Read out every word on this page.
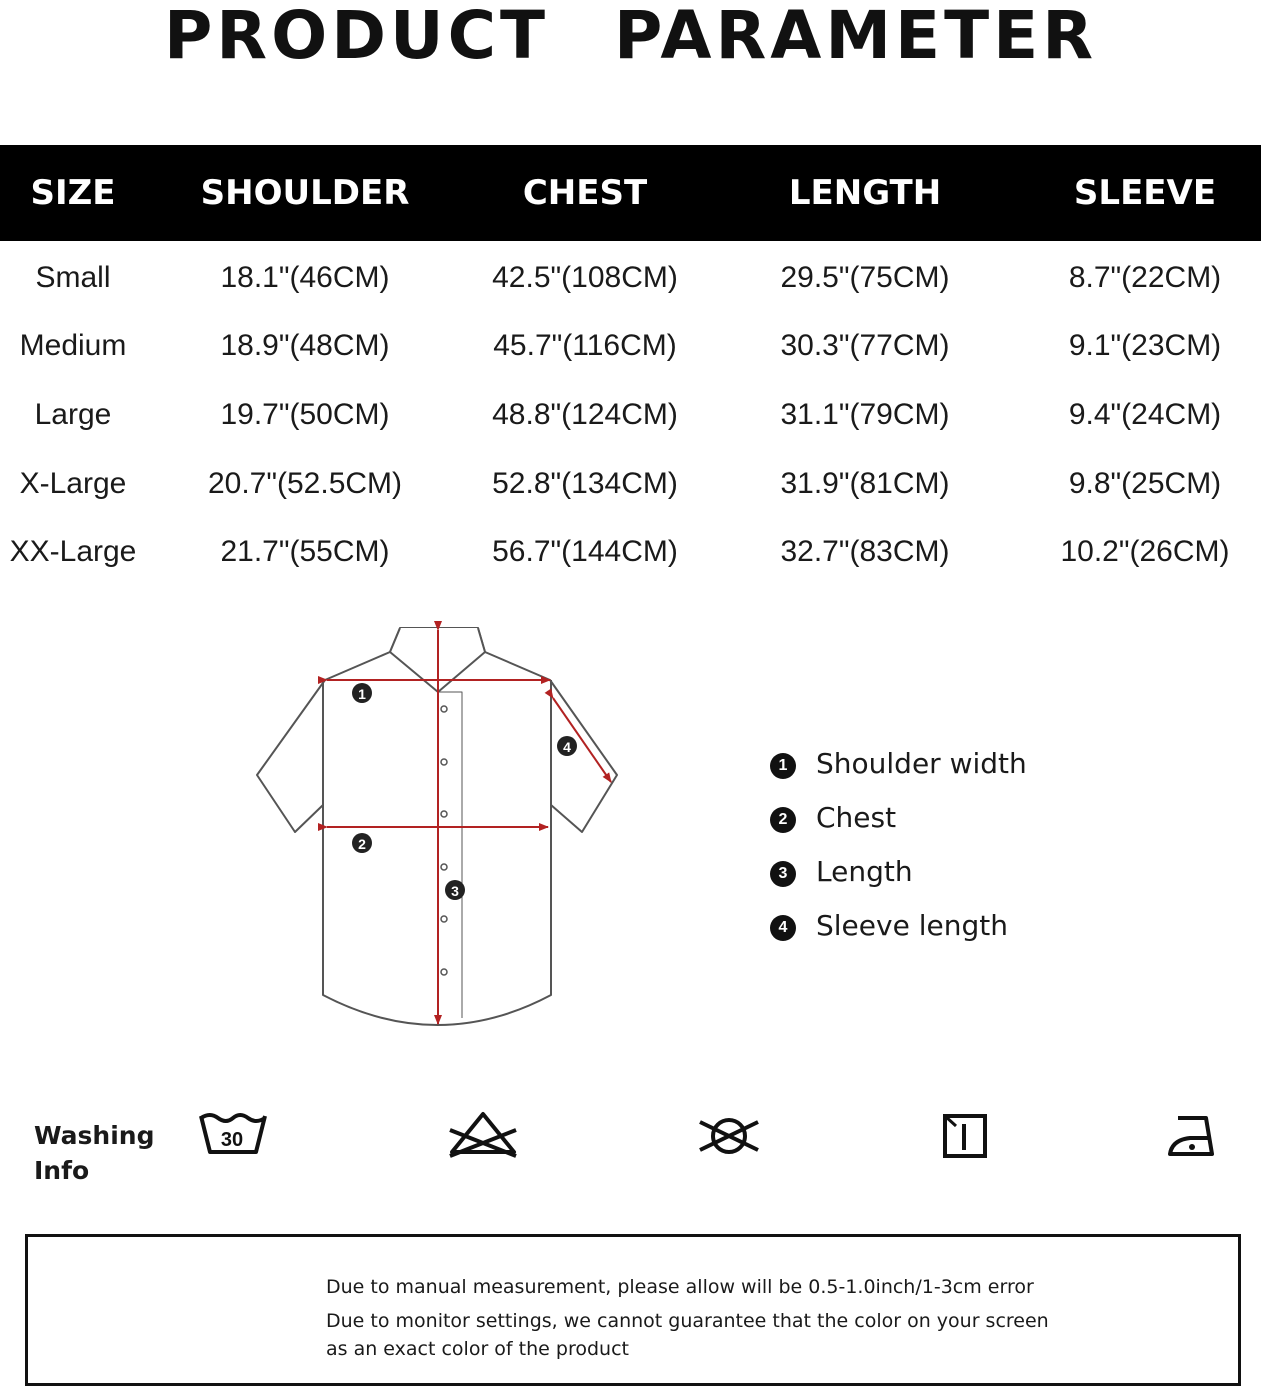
PRODUCT PARAMETER
SIZE	SHOULDER	CHEST	LENGTH	SLEEVE
Small	18.1"(46CM)	42.5"(108CM)	29.5"(75CM)	8.7"(22CM)
Medium	18.9"(48CM)	45.7"(116CM)	30.3"(77CM)	9.1"(23CM)
Large	19.7"(50CM)	48.8"(124CM)	31.1"(79CM)	9.4"(24CM)
X-Large	20.7"(52.5CM)	52.8"(134CM)	31.9"(81CM)	9.8"(25CM)
XX-Large	21.7"(55CM)	56.7"(144CM)	32.7"(83CM)	10.2"(26CM)
1
2
3
4
1	Shoulder width
2	Chest
3	Length
4	Sleeve length
Washing
Info
30
Due to manual measurement, please allow will be 0.5-1.0inch/1-3cm error
Due to monitor settings, we cannot guarantee that the color on your screen
as an exact color of the product
